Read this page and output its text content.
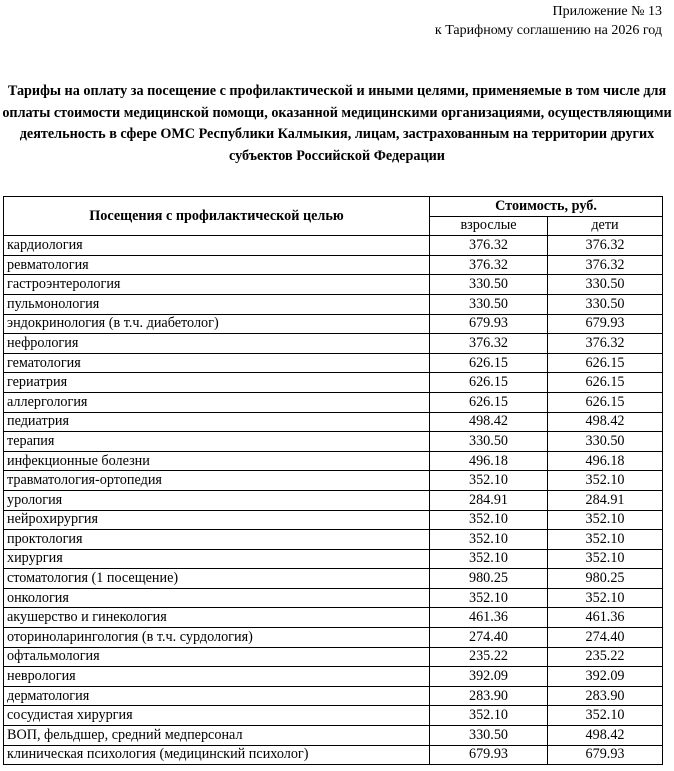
Приложение № 13
к Тарифному соглашению на 2026 год
Тарифы на оплату за посещение с профилактической и иными целями, применяемые в том числе для оплаты стоимости медицинской помощи, оказанной медицинскими организациями, осуществляющими деятельность в сфере ОМС Республики Калмыкия, лицам, застрахованным на территории других субъектов Российской Федерации
Посещения с профилактической целью	Стоимость, руб.	
	взрослые	дети
кардиология	376.32	376.32
ревматология	376.32	376.32
гастроэнтерология	330.50	330.50
пульмонология	330.50	330.50
эндокринология (в т.ч. диабетолог)	679.93	679.93
нефрология	376.32	376.32
гематология	626.15	626.15
гериатрия	626.15	626.15
аллергология	626.15	626.15
педиатрия	498.42	498.42
терапия	330.50	330.50
инфекционные болезни	496.18	496.18
травматология-ортопедия	352.10	352.10
урология	284.91	284.91
нейрохирургия	352.10	352.10
проктология	352.10	352.10
хирургия	352.10	352.10
стоматология (1 посещение)	980.25	980.25
онкология	352.10	352.10
акушерство и гинекология	461.36	461.36
оториноларингология (в т.ч. сурдология)	274.40	274.40
офтальмология	235.22	235.22
неврология	392.09	392.09
дерматология	283.90	283.90
сосудистая хирургия	352.10	352.10
ВОП, фельдшер, средний медперсонал	330.50	498.42
клиническая психология (медицинский психолог)	679.93	679.93
